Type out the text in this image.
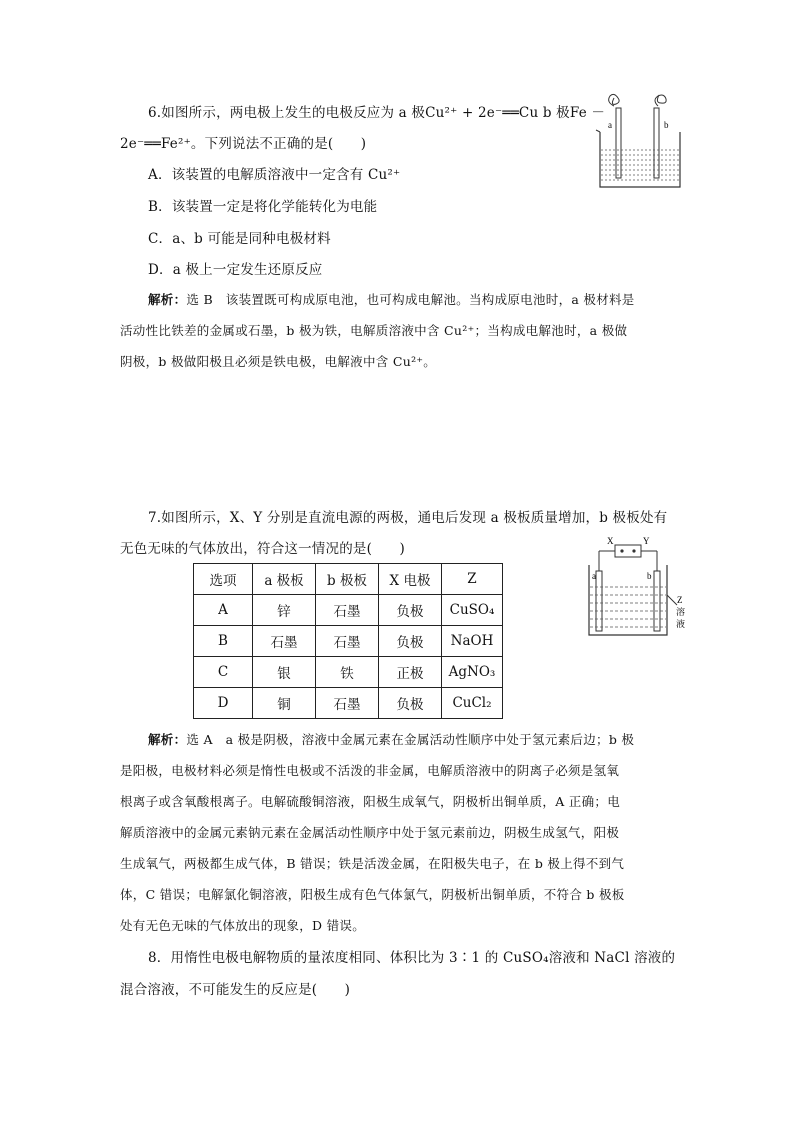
6.如图所示，两电极上发生的电极反应为 a 极Cu²⁺ + 2e⁻══Cu b 极Fe －
2e⁻══Fe²⁺。下列说法不正确的是(　　)
A．该装置的电解质溶液中一定含有 Cu²⁺
B．该装置一定是将化学能转化为电能
C．a、b 可能是同种电极材料
D．a 极上一定发生还原反应
解析：选 B　该装置既可构成原电池，也可构成电解池。当构成原电池时，a 极材料是
活动性比铁差的金属或石墨，b 极为铁，电解质溶液中含 Cu²⁺；当构成电解池时，a 极做
阴极，b 极做阳极且必须是铁电极，电解液中含 Cu²⁺。
a	b
7.如图所示，X、Y 分别是直流电源的两极，通电后发现 a 极板质量增加，b 极板处有
无色无味的气体放出，符合这一情况的是(　　)
选项	a 极板	b 极板	X 电极	Z
A	锌	石墨	负极	CuSO₄
B	石墨	石墨	负极	NaOH
C	银	铁	正极	AgNO₃
D	铜	石墨	负极	CuCl₂
X	Y
a	b
Z
溶
液
解析：选 A　a 极是阴极，溶液中金属元素在金属活动性顺序中处于氢元素后边；b 极
是阳极，电极材料必须是惰性电极或不活泼的非金属，电解质溶液中的阴离子必须是氢氧
根离子或含氧酸根离子。电解硫酸铜溶液，阳极生成氧气，阴极析出铜单质，A 正确；电
解质溶液中的金属元素钠元素在金属活动性顺序中处于氢元素前边，阴极生成氢气，阳极
生成氧气，两极都生成气体，B 错误；铁是活泼金属，在阳极失电子，在 b 极上得不到气
体，C 错误；电解氯化铜溶液，阳极生成有色气体氯气，阴极析出铜单质，不符合 b 极板
处有无色无味的气体放出的现象，D 错误。
8．用惰性电极电解物质的量浓度相同、体积比为 3∶1 的 CuSO₄溶液和 NaCl 溶液的
混合溶液，不可能发生的反应是(　　)
